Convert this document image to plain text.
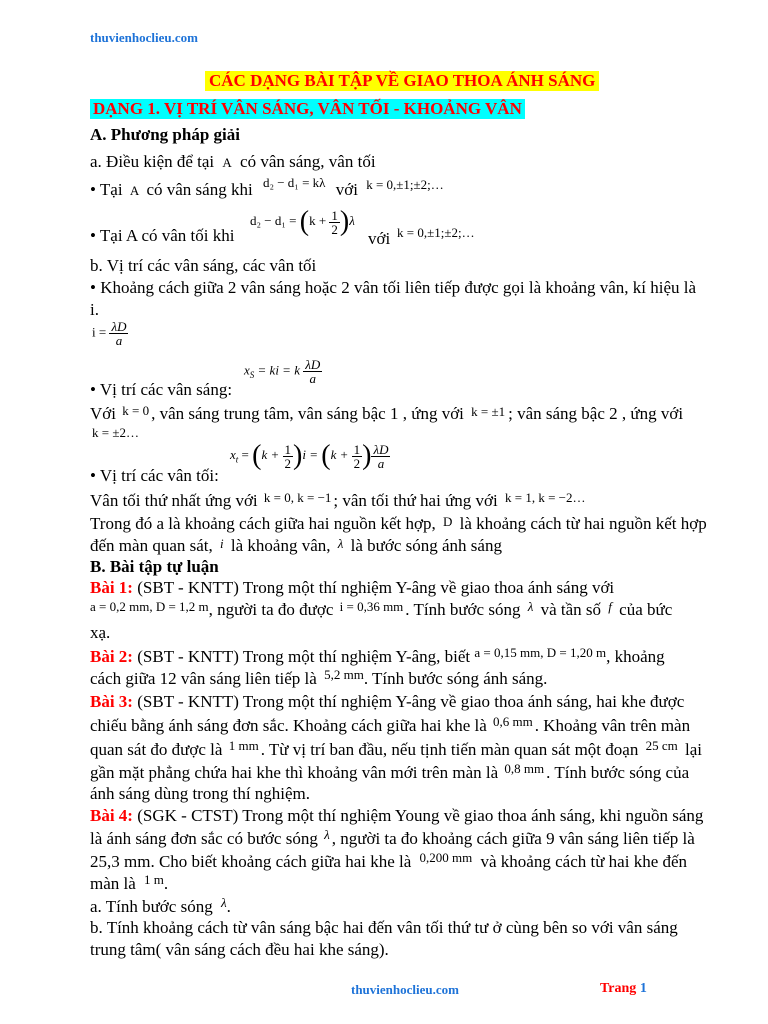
thuvienhoclieu.com
CÁC DẠNG BÀI TẬP VỀ GIAO THOA ÁNH SÁNG
DẠNG 1. VỊ TRÍ VÂN SÁNG, VÂN TỐI - KHOẢNG VÂN
A. Phương pháp giải
a. Điều kiện để tại A có vân sáng, vân tối
• Tại A có vân sáng khi $^{d_2 - d_1 = k\lambda}$ với $^{k = 0,\pm 1;\pm 2;\dots}$
• Tại A có vân tối khi
$d_2 - d_1 = (k + \frac{1}{2} )\lambda$
với k = 0,±1;±2;…
b. Vị trí các vân sáng, các vân tối
• Khoảng cách giữa 2 vân sáng hoặc 2 vân tối liên tiếp được gọi là khoảng vân, kí hiệu là
i.
$i = \frac{\lambda D}{a}$
$x_S$ = ki = k $\frac{\lambda D}{a}$
• Vị trí các vân sáng:
Với $^{k = 0}$ , vân sáng trung tâm, vân sáng bậc 1 , ứng với k = ±1 ; vân sáng bậc 2 , ứng với
k = ±2…
$x_t = (k + \frac{1}{2} )i = (k + \frac{1}{2}$ ) $\frac{\lambda D}{a}$
• Vị trí các vân tối:
Vân tối thứ nhất ứng với $^{k = 0, k = -1}$ ; vân tối thứ hai ứng với $^{k = 1, k = -2\dots}$
Trong đó a là khoảng cách giữa hai nguồn kết hợp, D là khoảng cách từ hai nguồn kết hợp
đến màn quan sát, i là khoảng vân, λ là bước sóng ánh sáng
B. Bài tập tự luận
Bài 1: (SBT - KNTT) Trong một thí nghiệm Y-âng về giao thoa ánh sáng với
$^{a = 0,2 mm, D = 1,2 m}$, người ta đo được $^{i = 0,36 mm}$ . Tính bước sóng $^\lambda$ và tần số $^f$ của bức
xạ.
Bài 2: (SBT - KNTT) Trong một thí nghiệm Y-âng, biết $^{a = 0,15 mm, D = 1,20 m}$, khoảng
cách giữa 12 vân sáng liên tiếp là $^{5,2 mm}$. Tính bước sóng ánh sáng.
Bài 3: (SBT - KNTT) Trong một thí nghiệm Y-âng về giao thoa ánh sáng, hai khe được
chiếu bằng ánh sáng đơn sắc. Khoảng cách giữa hai khe là $^{0,6 mm}$ . Khoảng vân trên màn
quan sát đo được là $^{1 mm}$ . Từ vị trí ban đầu, nếu tịnh tiến màn quan sát một đoạn $^{25 cm}$ lại
gần mặt phẳng chứa hai khe thì khoảng vân mới trên màn là $^{0,8 mm}$ . Tính bước sóng của
ánh sáng dùng trong thí nghiệm.
Bài 4: (SGK - CTST) Trong một thí nghiệm Young về giao thoa ánh sáng, khi nguồn sáng
là ánh sáng đơn sắc có bước sóng $^\lambda$ , người ta đo khoảng cách giữa 9 vân sáng liên tiếp là
25,3 mm. Cho biết khoảng cách giữa hai khe là $^{0,200 mm}$ và khoảng cách từ hai khe đến
màn là $^{1 m}$.
a. Tính bước sóng $^\lambda$.
b. Tính khoảng cách từ vân sáng bậc hai đến vân tối thứ tư ở cùng bên so với vân sáng
trung tâm( vân sáng cách đều hai khe sáng).
thuvienhoclieu.com	Trang 1
